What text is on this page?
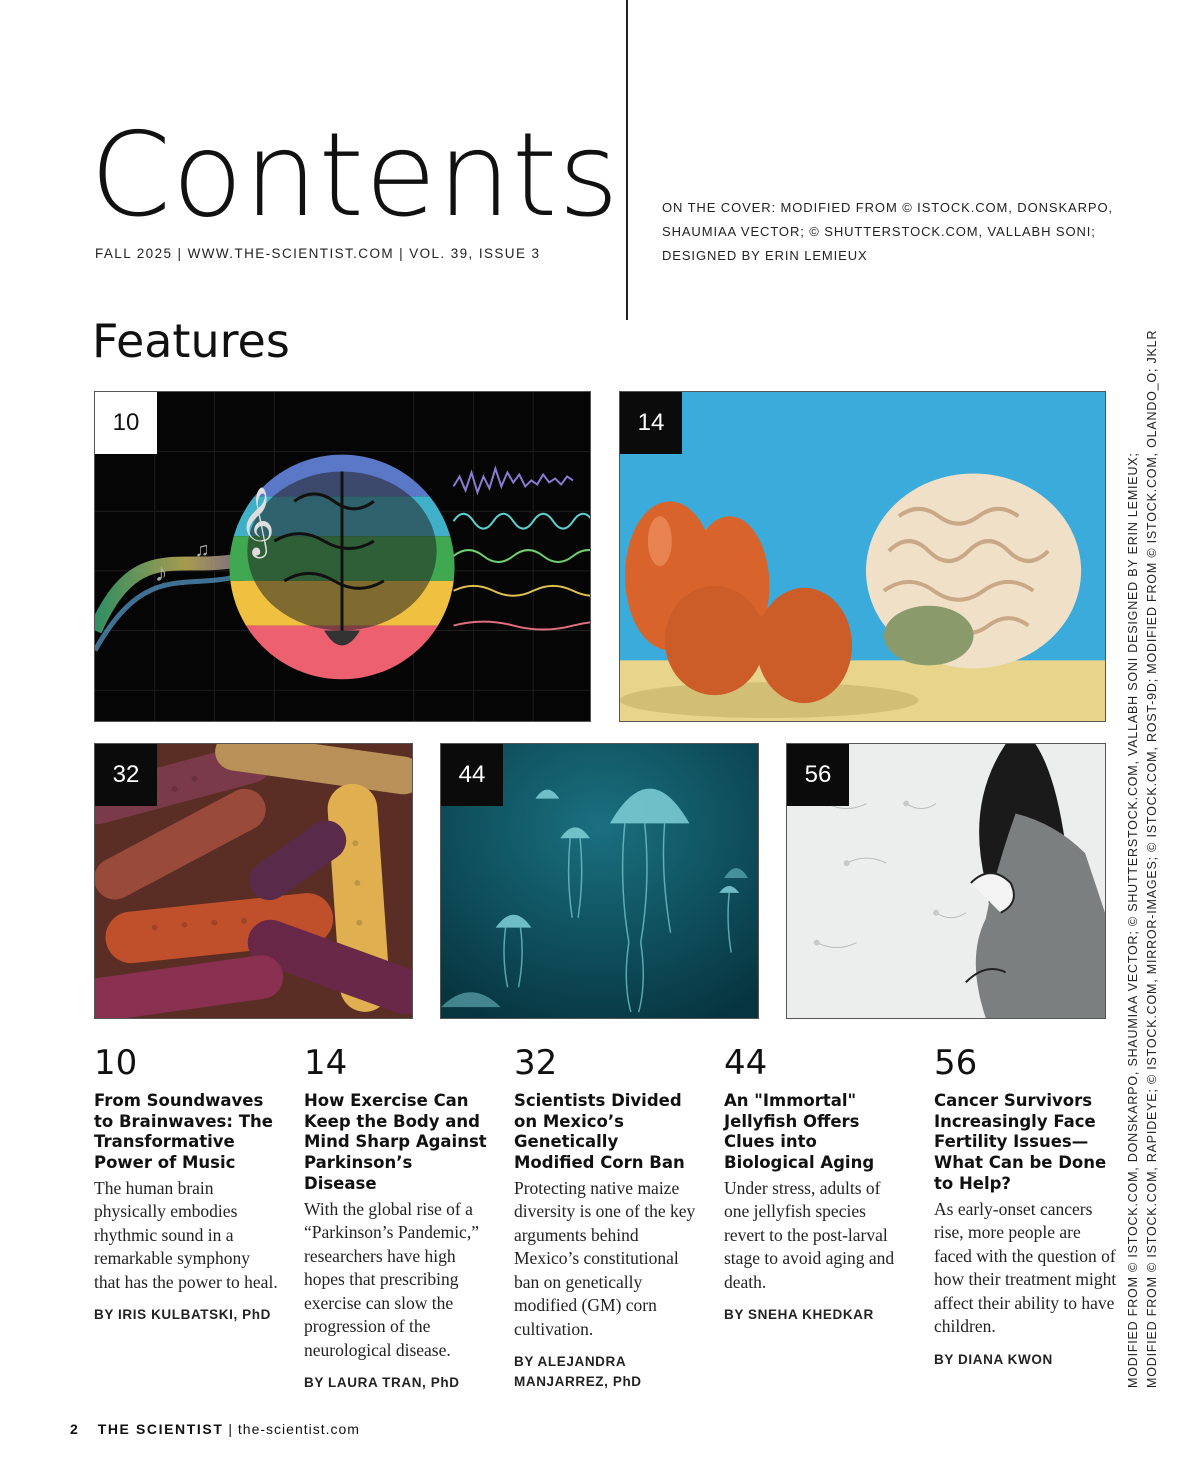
Contents
FALL 2025 | WWW.THE-SCIENTIST.COM | VOL. 39, ISSUE 3
ON THE COVER: MODIFIED FROM © ISTOCK.COM, DONSKARPO, SHAUMIAA VECTOR; © SHUTTERSTOCK.COM, VALLABH SONI; DESIGNED BY ERIN LEMIEUX
Features
𝄞
♪
♫
10	14
32	44	56
10
From Soundwaves to Brainwaves: The Transformative Power of Music
The human brain physically embodies rhythmic sound in a remarkable symphony that has the power to heal.
BY IRIS KULBATSKI, PhD
14
How Exercise Can Keep the Body and Mind Sharp Against Parkinson’s Disease
With the global rise of a “Parkinson’s Pandemic,” researchers have high hopes that prescribing exercise can slow the progression of the neurological disease.
BY LAURA TRAN, PhD
32
Scientists Divided on Mexico’s Genetically Modified Corn Ban
Protecting native maize diversity is one of the key arguments behind Mexico’s constitutional ban on genetically modified (GM) corn cultivation.
BY ALEJANDRA MANJARREZ, PhD
44
An "Immortal" Jellyfish Offers Clues into Biological Aging
Under stress, adults of one jellyfish species revert to the post-larval stage to avoid aging and death.
BY SNEHA KHEDKAR
56
Cancer Survivors Increasingly Face Fertility Issues—What Can be Done to Help?
As early-onset cancers rise, more people are faced with the question of how their treatment might affect their ability to have children.
BY DIANA KWON	MODIFIED FROM © ISTOCK.COM, DONSKARPO, SHAUMIAA VECTOR; © SHUTTERSTOCK.COM, VALLABH SONI DESIGNED BY ERIN LEMIEUX; MODIFIED FROM © ISTOCK.COM, RAPIDEYE; © ISTOCK.COM, MIRROR-IMAGES; © ISTOCK.COM, ROST-9D; MODIFIED FROM © ISTOCK.COM, OLANDO_O; JKLR
2 THE SCIENTIST | the-scientist.com
